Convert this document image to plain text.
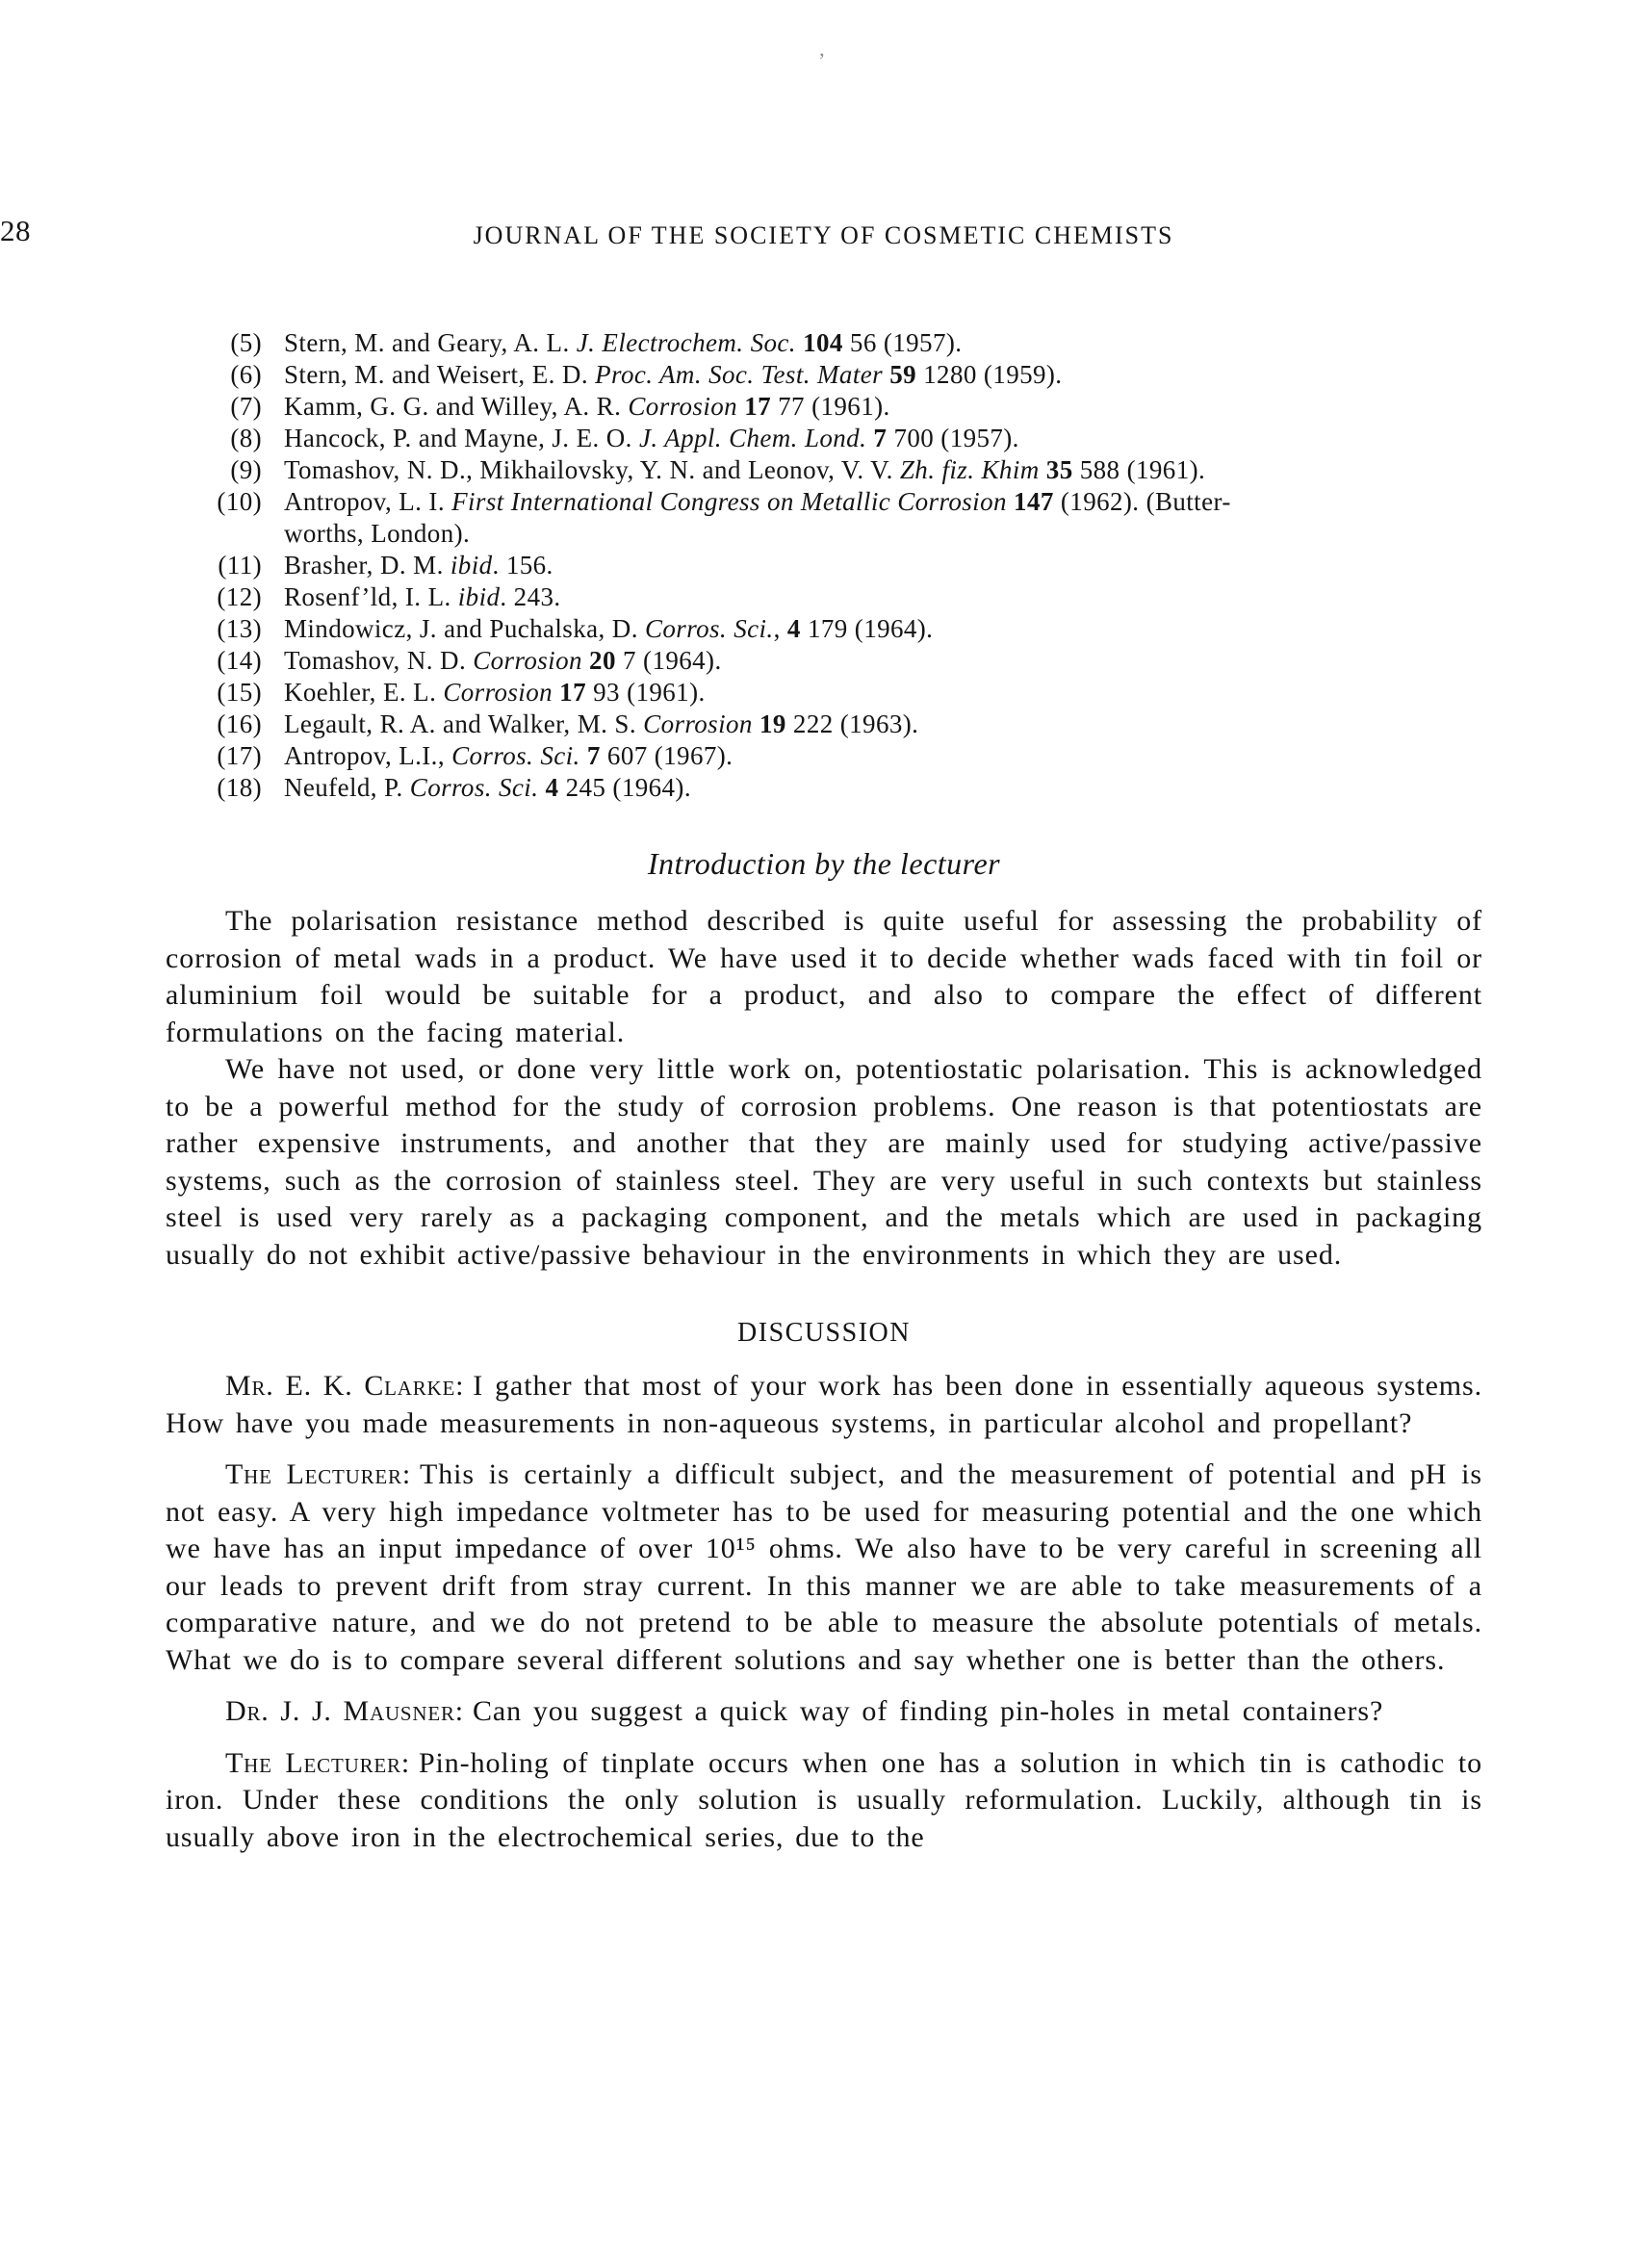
’
28	JOURNAL OF THE SOCIETY OF COSMETIC CHEMISTS
(5) Stern, M. and Geary, A. L. J. Electrochem. Soc. 104 56 (1957).
(6) Stern, M. and Weisert, E. D. Proc. Am. Soc. Test. Mater 59 1280 (1959).
(7) Kamm, G. G. and Willey, A. R. Corrosion 17 77 (1961).
(8) Hancock, P. and Mayne, J. E. O. J. Appl. Chem. Lond. 7 700 (1957).
(9) Tomashov, N. D., Mikhailovsky, Y. N. and Leonov, V. V. Zh. fiz. Khim 35 588 (1961).
(10) Antropov, L. I. First International Congress on Metallic Corrosion 147 (1962). (Butter-
worths, London).
(11) Brasher, D. M. ibid. 156.
(12) Rosenf’ld, I. L. ibid. 243.
(13) Mindowicz, J. and Puchalska, D. Corros. Sci., 4 179 (1964).
(14) Tomashov, N. D. Corrosion 20 7 (1964).
(15) Koehler, E. L. Corrosion 17 93 (1961).
(16) Legault, R. A. and Walker, M. S. Corrosion 19 222 (1963).
(17) Antropov, L.I., Corros. Sci. 7 607 (1967).
(18) Neufeld, P. Corros. Sci. 4 245 (1964).
Introduction by the lecturer

The polarisation resistance method described is quite useful for assessing the probability of corrosion of metal wads in a product. We have used it to decide whether wads faced with tin foil or aluminium foil would be suitable for a product, and also to compare the effect of different formulations on the facing material.

We have not used, or done very little work on, potentiostatic polarisation. This is acknowledged to be a powerful method for the study of corrosion problems. One reason is that potentiostats are rather expensive instruments, and another that they are mainly used for studying active/passive systems, such as the corrosion of stainless steel. They are very useful in such contexts but stainless steel is used very rarely as a packaging component, and the metals which are used in packaging usually do not exhibit active/passive behaviour in the environments in which they are used.

DISCUSSION

Mr. E. K. Clarke: I gather that most of your work has been done in essentially aqueous systems. How have you made measurements in non-aqueous systems, in particular alcohol and propellant?

The Lecturer: This is certainly a difficult subject, and the measurement of potential and pH is not easy. A very high impedance voltmeter has to be used for measuring potential and the one which we have has an input impedance of over 10¹⁵ ohms. We also have to be very careful in screening all our leads to prevent drift from stray current. In this manner we are able to take measurements of a comparative nature, and we do not pretend to be able to measure the absolute potentials of metals. What we do is to compare several different solutions and say whether one is better than the others.

Dr. J. J. Mausner: Can you suggest a quick way of finding pin-holes in metal containers?

The Lecturer: Pin-holing of tinplate occurs when one has a solution in which tin is cathodic to iron. Under these conditions the only solution is usually reformulation. Luckily, although tin is usually above iron in the electrochemical series, due to the
